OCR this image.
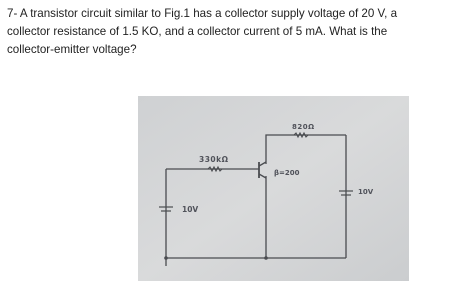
7- A transistor circuit similar to Fig.1 has a collector supply voltage of 20 V, a
collector resistance of 1.5 KO, and a collector current of 5 mA. What is the
collector-emitter voltage?
820Ω
330kΩ
β=200
10V
10V
